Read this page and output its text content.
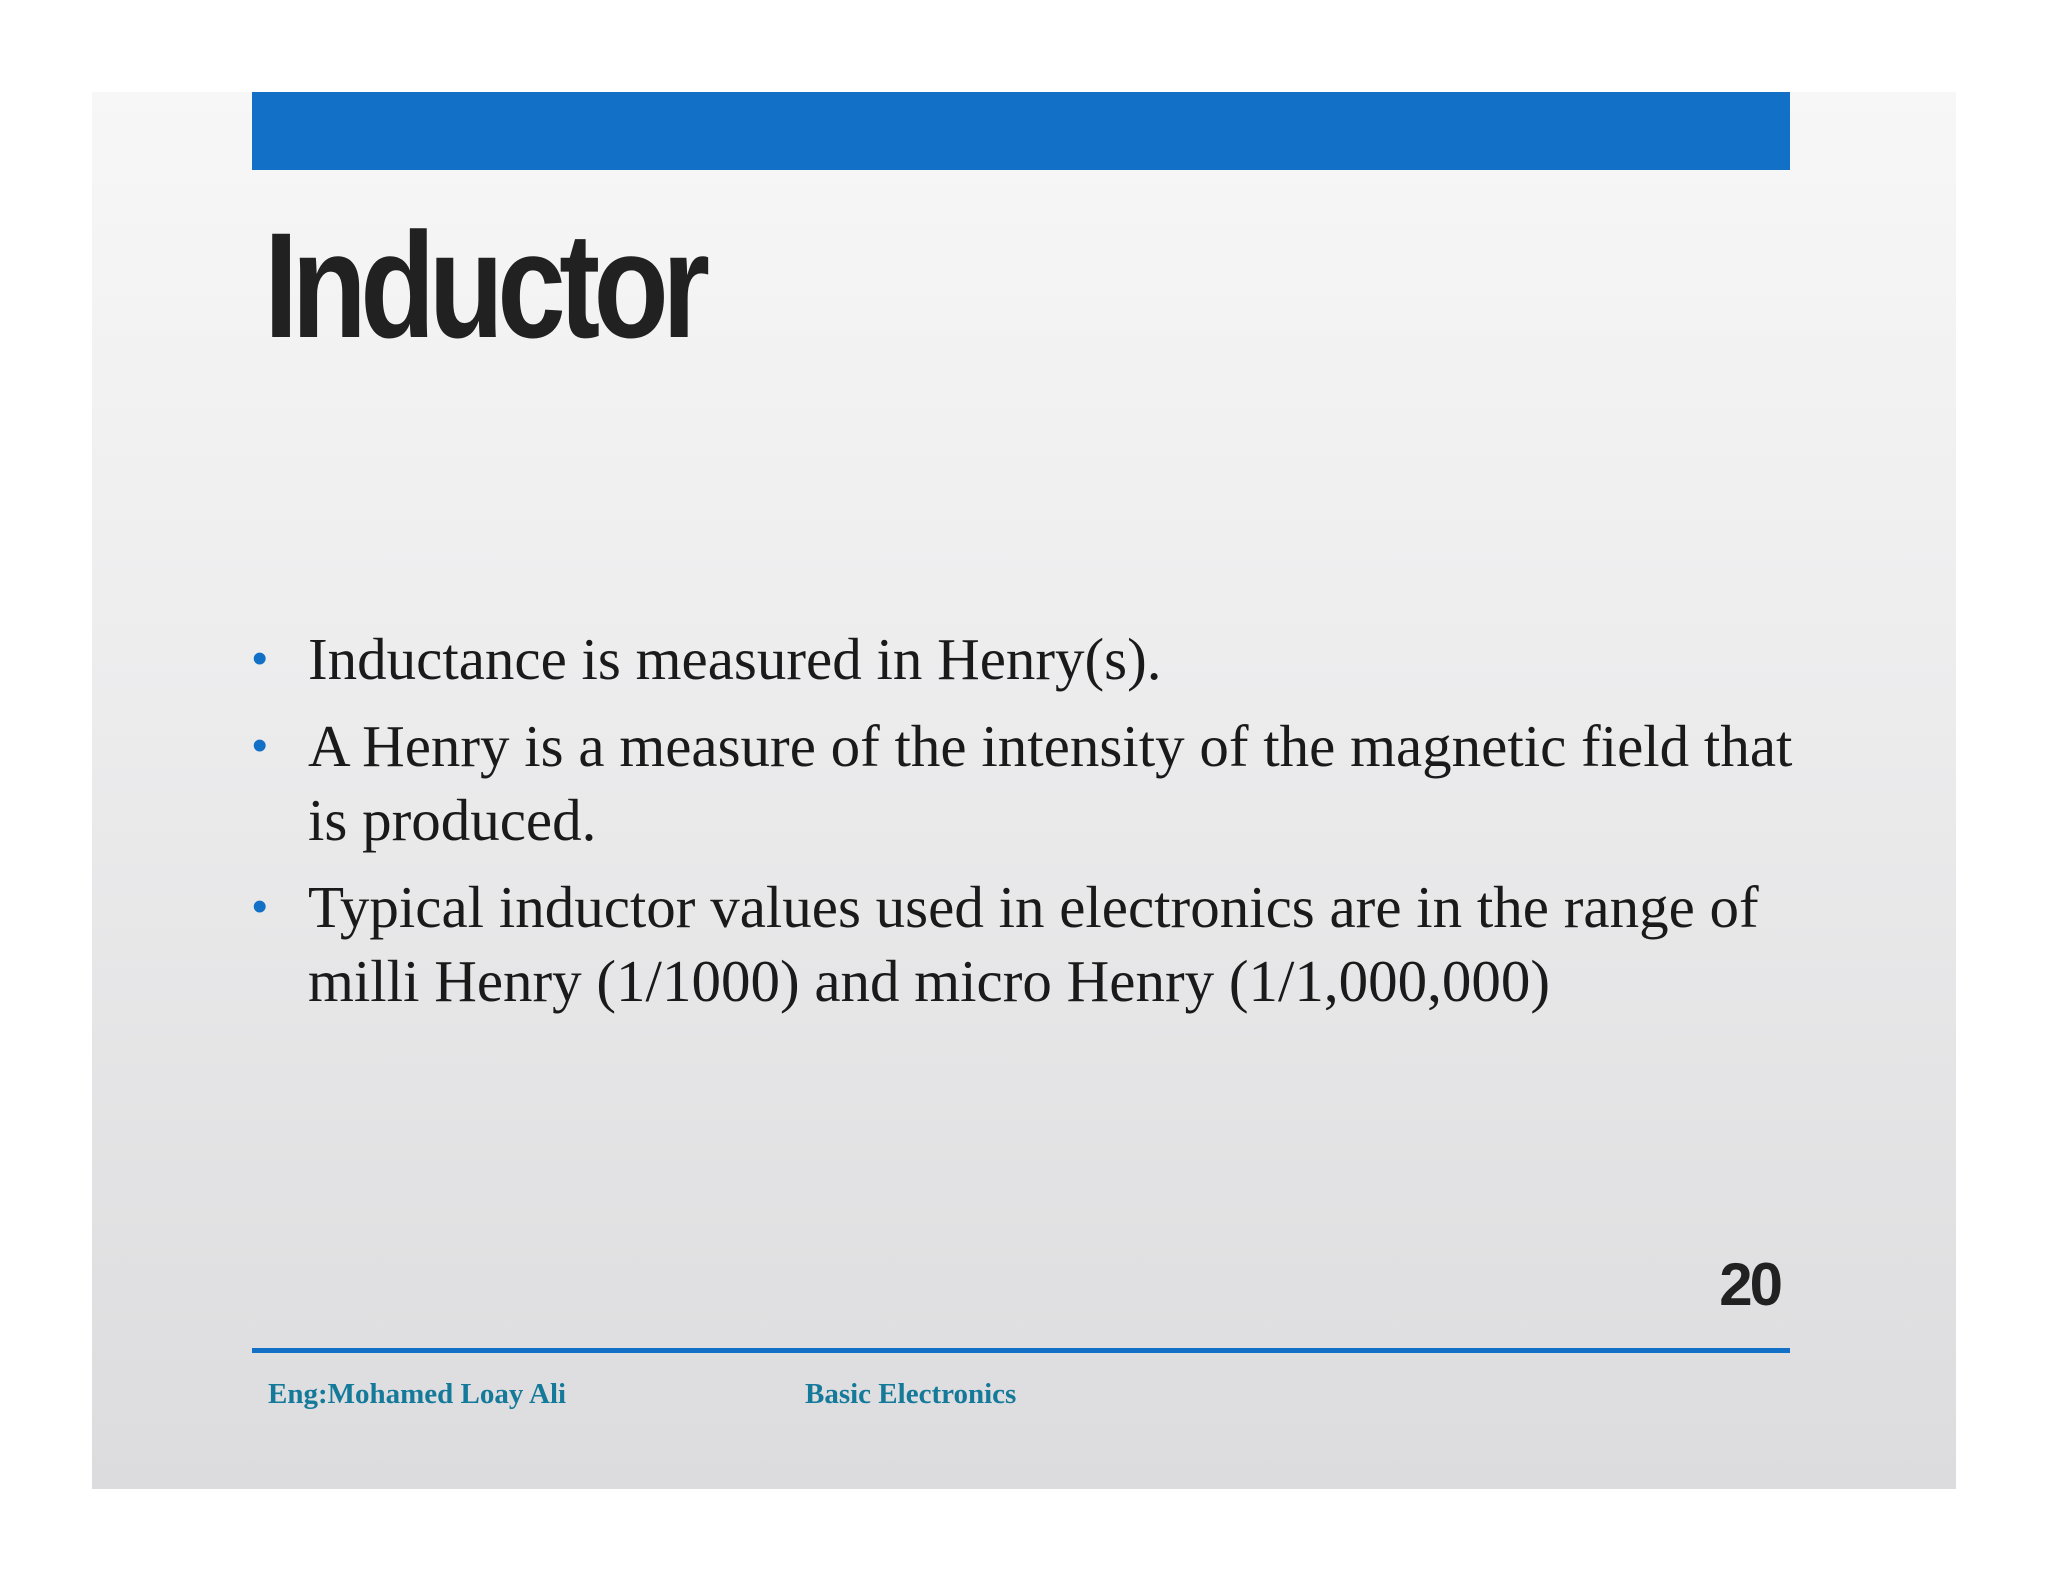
Inductor
• Inductance is measured in Henry(s).
• A Henry is a measure of the intensity of the magnetic field that is produced.
• Typical inductor values used in electronics are in the range of milli Henry (1/1000) and micro Henry (1/1,000,000)
20
Eng:Mohamed Loay Ali	Basic Electronics
